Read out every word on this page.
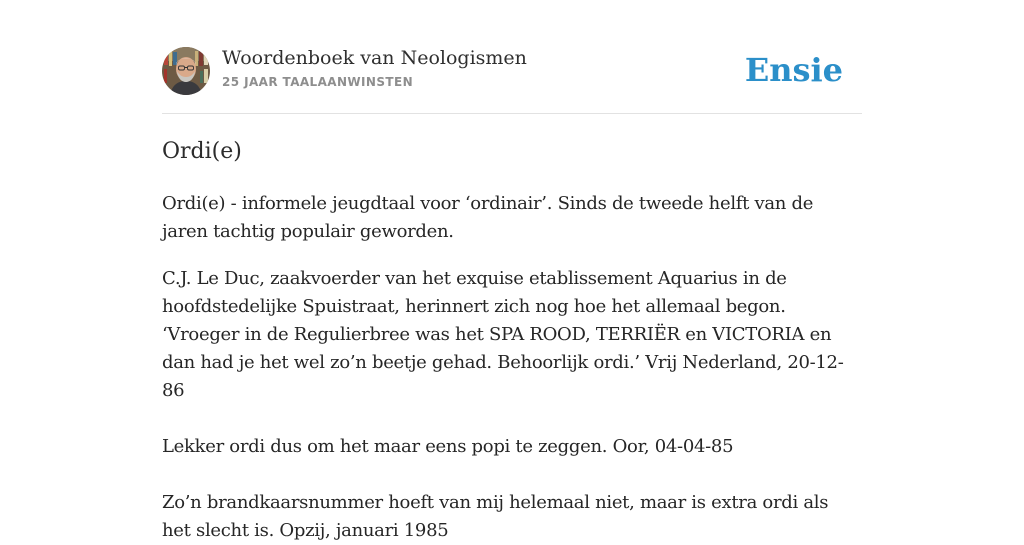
Woordenboek van Neologismen
25 JAAR TAALAANWINSTEN	Ensie
Ordi(e)

Ordi(e) - informele jeugdtaal voor ‘ordinair’. Sinds de tweede helft van de jaren tachtig populair geworden.

C.J. Le Duc, zaakvoerder van het exquise etablissement Aquarius in de hoofdstedelijke Spuistraat, herinnert zich nog hoe het allemaal begon. ‘Vroeger in de Regulierbree was het SPA ROOD, TERRIËR en VICTORIA en dan had je het wel zo’n beetje gehad. Behoorlijk ordi.’ Vrij Nederland, 20-12-86

Lekker ordi dus om het maar eens popi te zeggen. Oor, 04-04-85

Zo’n brandkaarsnummer hoeft van mij helemaal niet, maar is extra ordi als het slecht is. Opzij, januari 1985
